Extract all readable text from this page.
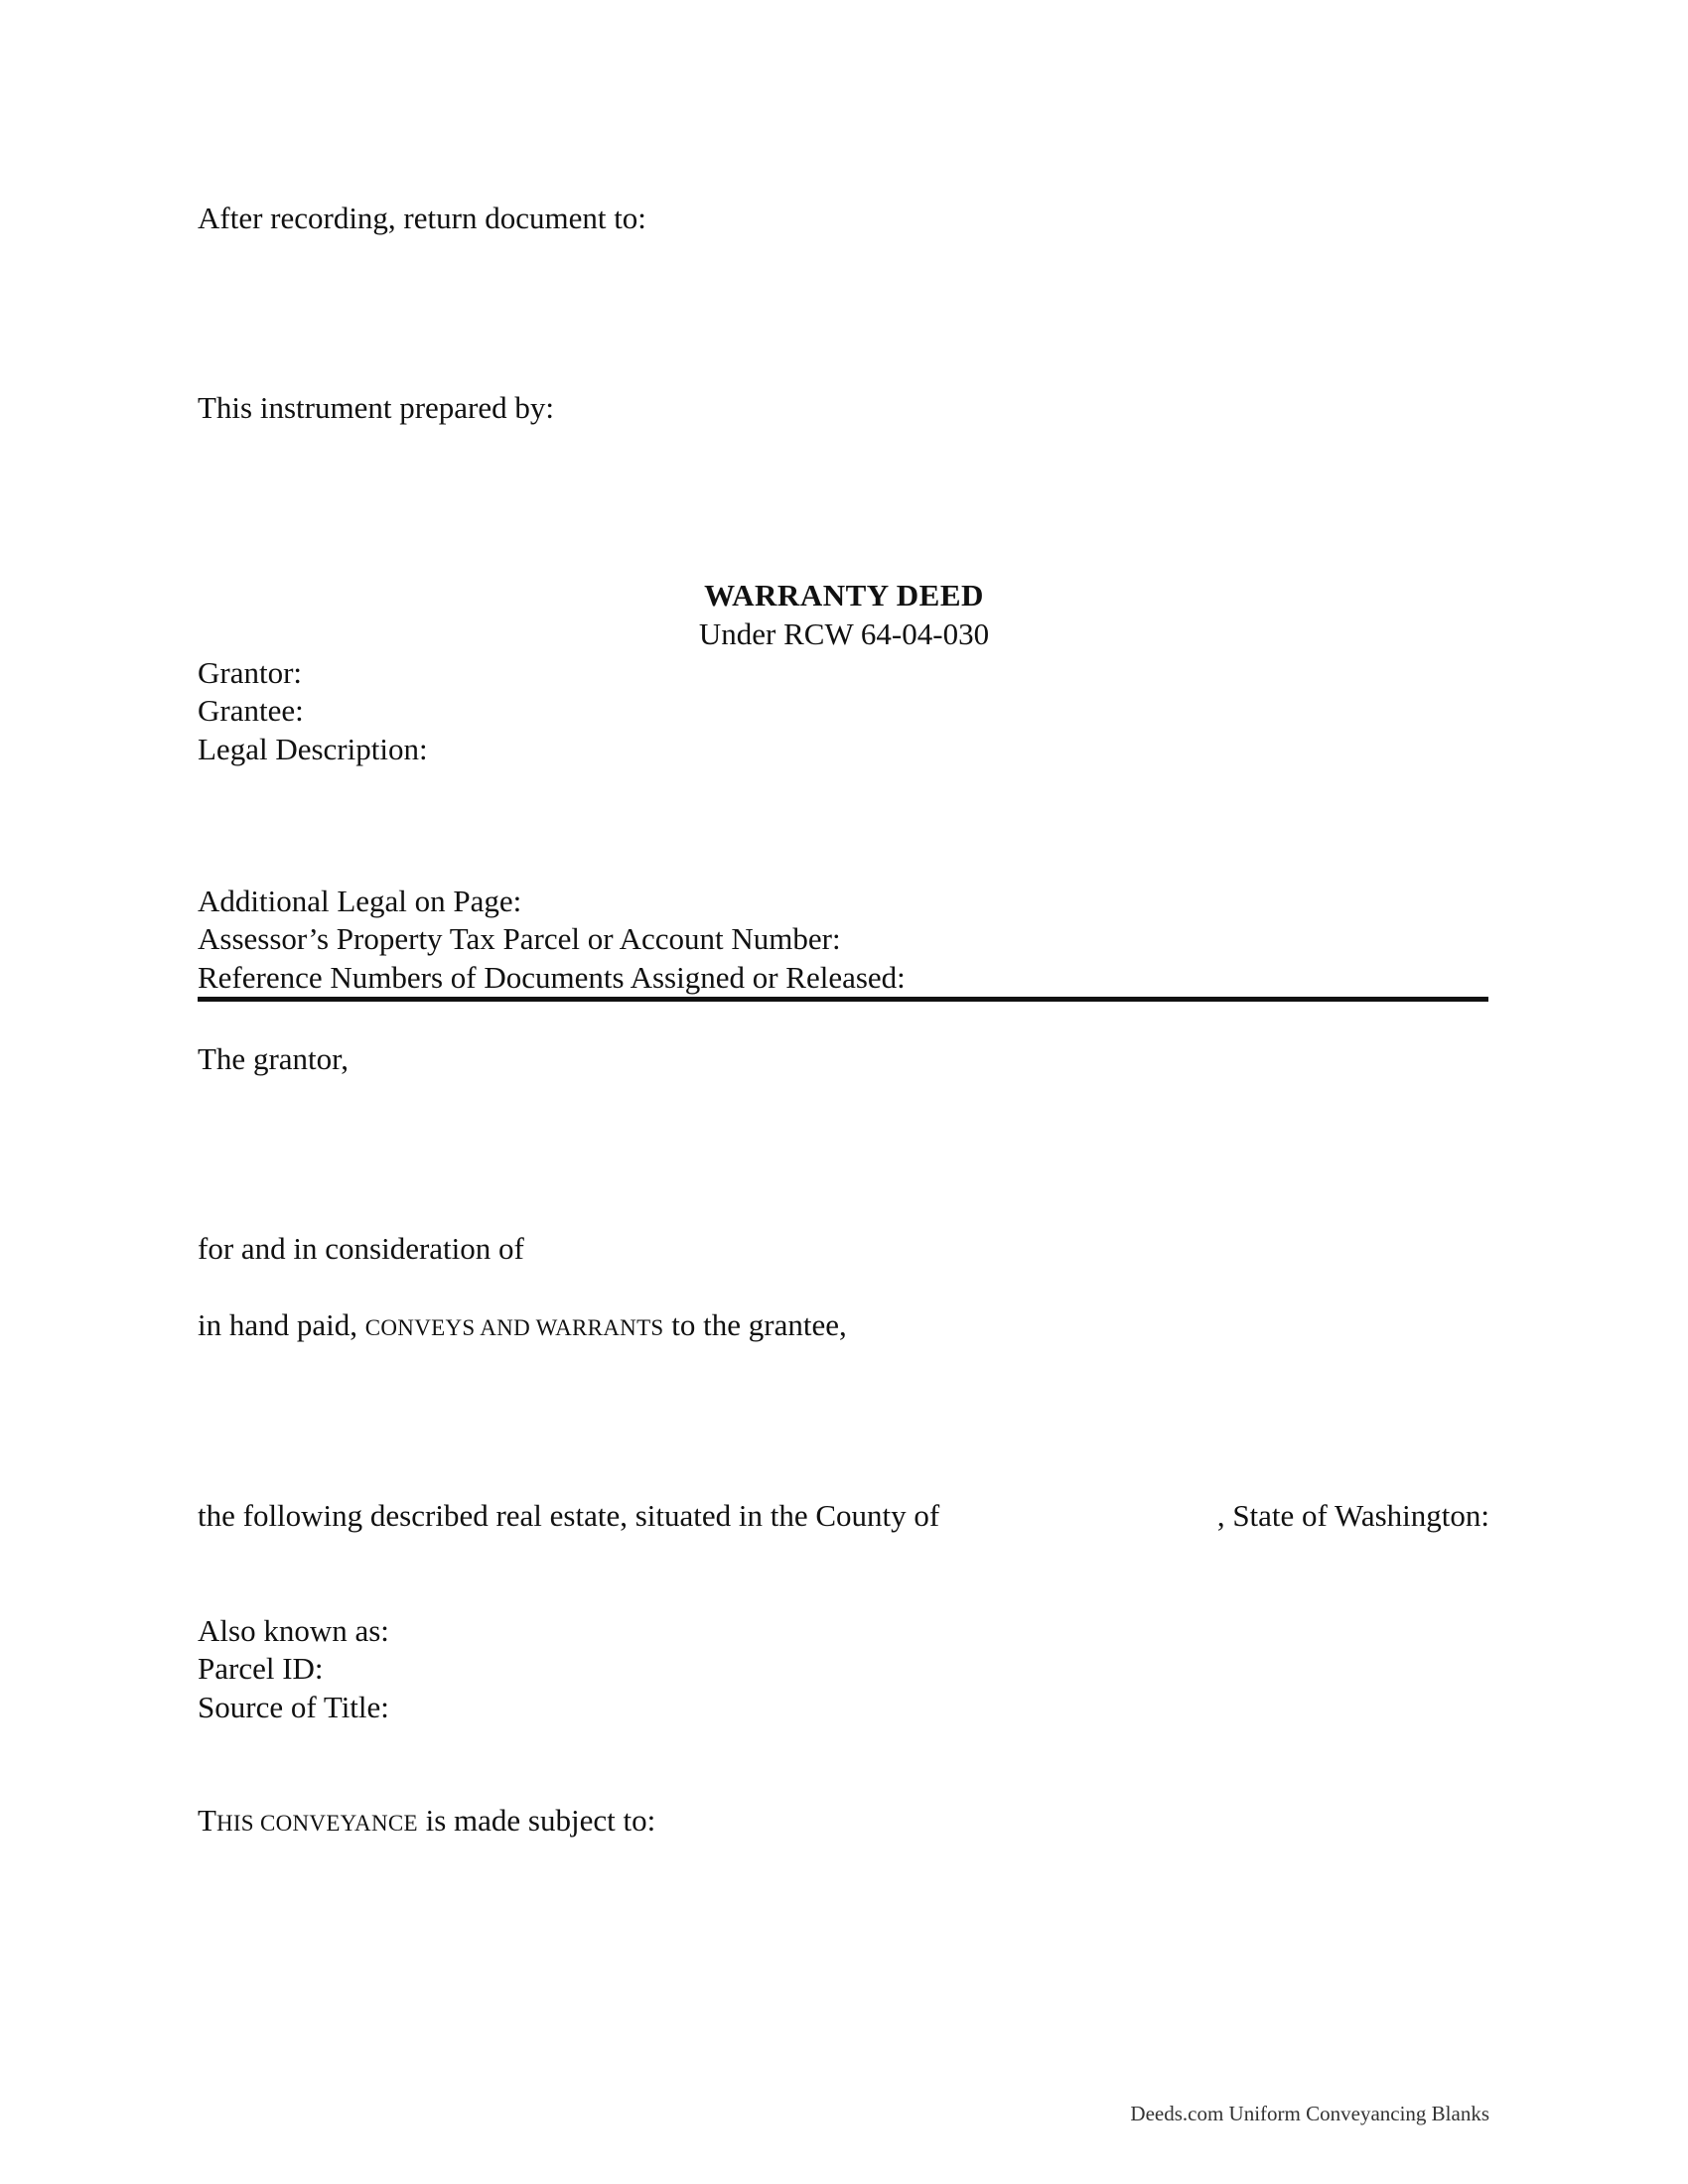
After recording, return document to:
This instrument prepared by:
WARRANTY DEED
Under RCW 64-04-030
Grantor:
Grantee:
Legal Description:
Additional Legal on Page:
Assessor’s Property Tax Parcel or Account Number:
Reference Numbers of Documents Assigned or Released:
The grantor,
for and in consideration of
in hand paid, CONVEYS AND WARRANTS to the grantee,
the following described real estate, situated in the County of	, State of Washington:
Also known as:
Parcel ID:
Source of Title:
THIS CONVEYANCE is made subject to:
Deeds.com Uniform Conveyancing Blanks
